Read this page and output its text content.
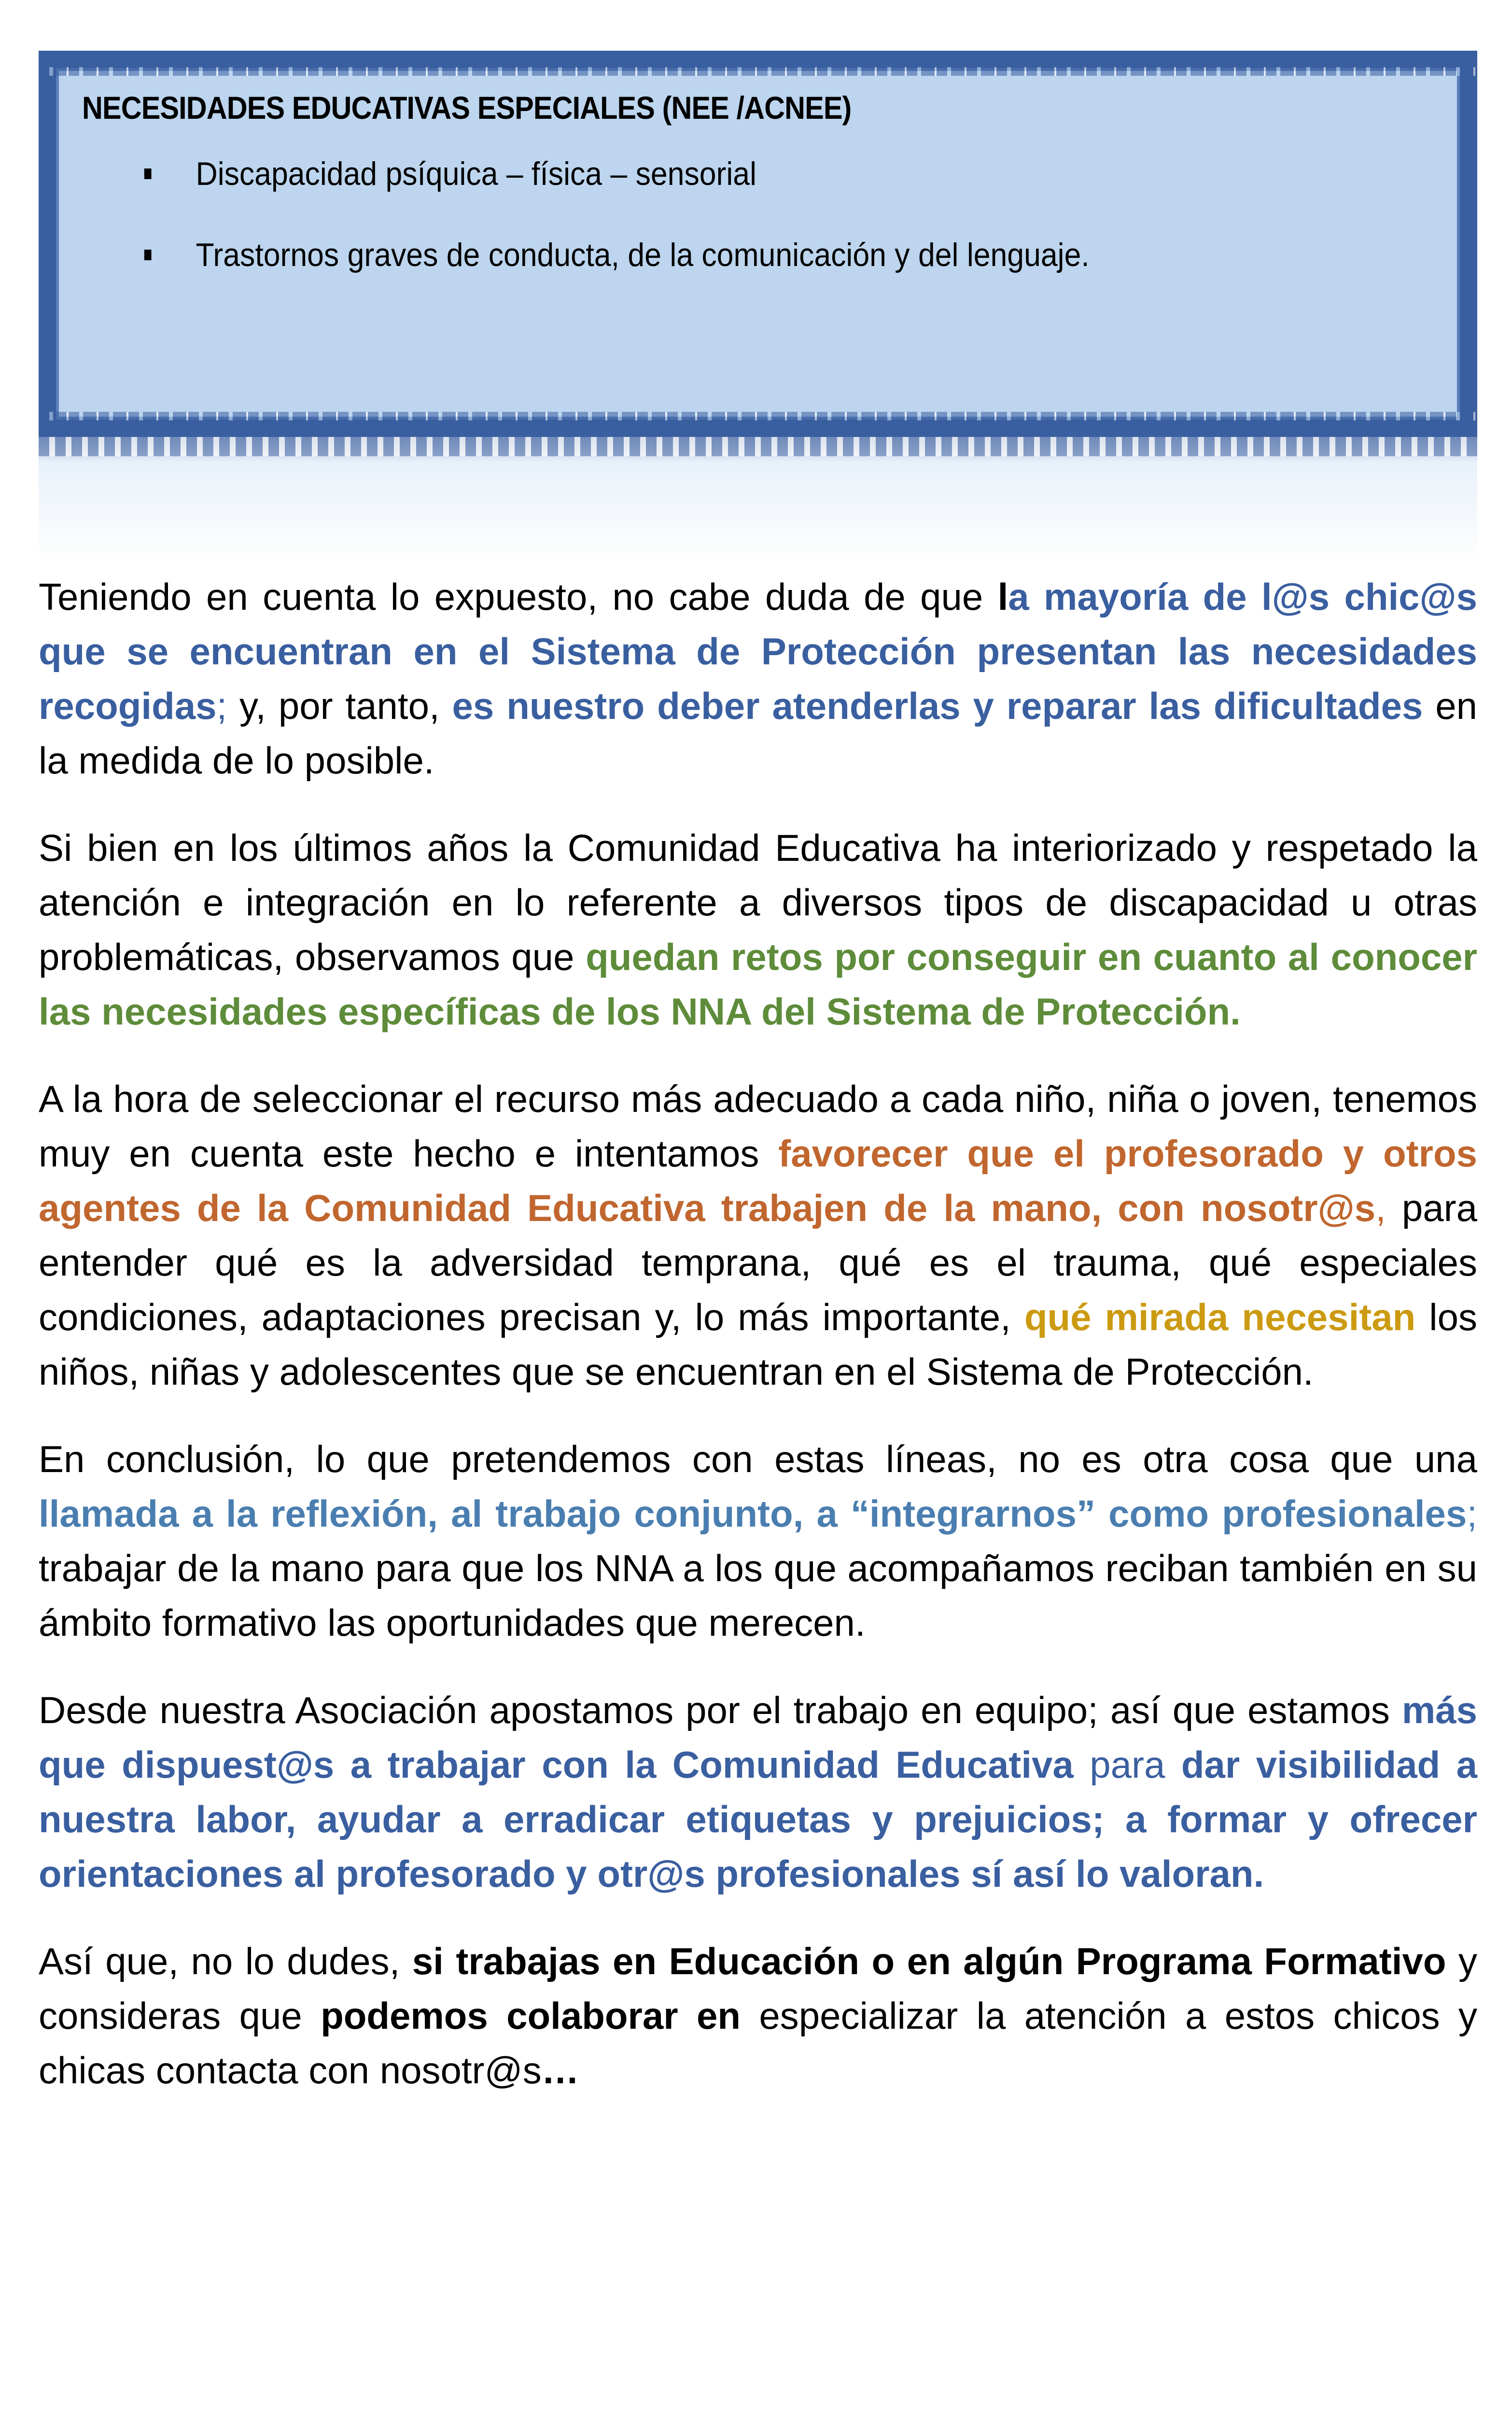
NECESIDADES EDUCATIVAS ESPECIALES (NEE /ACNEE)
Discapacidad psíquica – física – sensorial
Trastornos graves de conducta, de la comunicación y del lenguaje.

Teniendo en cuenta lo expuesto, no cabe duda de que la mayoría de l@s chic@s que se encuentran en el Sistema de Protección presentan las necesidades recogidas; y, por tanto, es nuestro deber atenderlas y reparar las dificultades en la medida de lo posible.

Si bien en los últimos años la Comunidad Educativa ha interiorizado y respetado la atención e integración en lo referente a diversos tipos de discapacidad u otras problemáticas, observamos que quedan retos por conseguir en cuanto al conocer las necesidades específicas de los NNA del Sistema de Protección.

A la hora de seleccionar el recurso más adecuado a cada niño, niña o joven, tenemos muy en cuenta este hecho e intentamos favorecer que el profesorado y otros agentes de la Comunidad Educativa trabajen de la mano, con nosotr@s, para entender qué es la adversidad temprana, qué es el trauma, qué especiales condiciones, adaptaciones precisan y, lo más importante, qué mirada necesitan los niños, niñas y adolescentes que se encuentran en el Sistema de Protección.

En conclusión, lo que pretendemos con estas líneas, no es otra cosa que una llamada a la reflexión, al trabajo conjunto, a “integrarnos” como profesionales; trabajar de la mano para que los NNA a los que acompañamos reciban también en su ámbito formativo las oportunidades que merecen.

Desde nuestra Asociación apostamos por el trabajo en equipo; así que estamos más que dispuest@s a trabajar con la Comunidad Educativa para dar visibilidad a nuestra labor, ayudar a erradicar etiquetas y prejuicios; a formar y ofrecer orientaciones al profesorado y otr@s profesionales sí así lo valoran.

Así que, no lo dudes, si trabajas en Educación o en algún Programa Formativo y consideras que podemos colaborar en especializar la atención a estos chicos y chicas contacta con nosotr@s…
